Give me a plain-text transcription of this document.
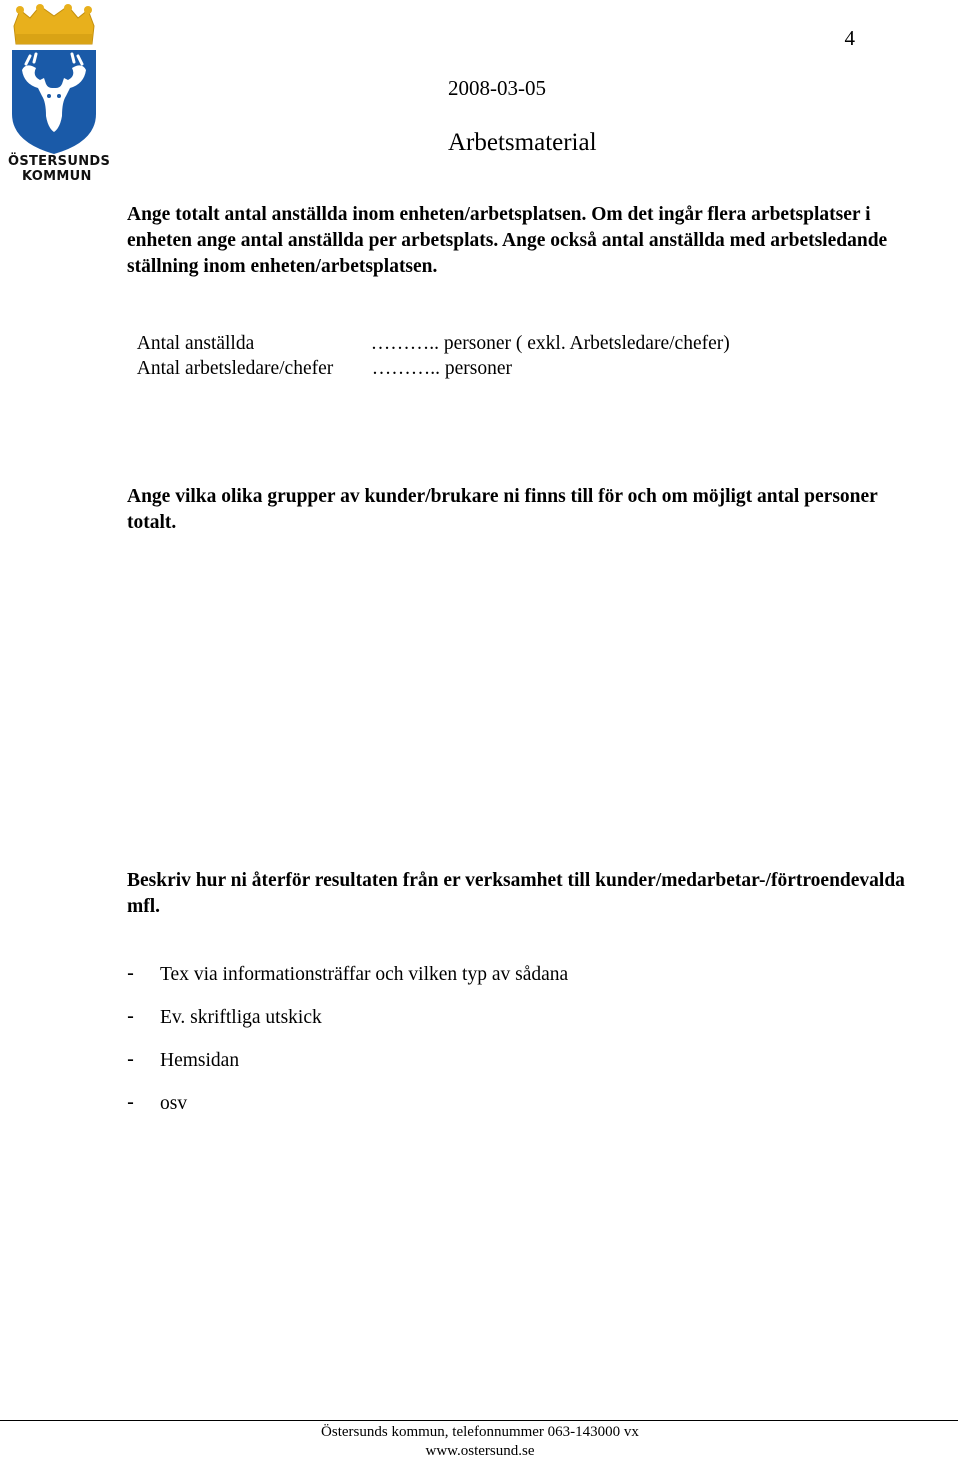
ÖSTERSUNDS
KOMMUN
4
2008-03-05
Arbetsmaterial

Ange totalt antal anställda inom enheten/arbetsplatsen. Om det ingår flera arbetsplatser i enheten ange antal anställda per arbetsplats. Ange också antal anställda med arbetsledande ställning inom enheten/arbetsplatsen.

Antal anställda	……….. personer ( exkl. Arbetsledare/chefer)

Antal arbetsledare/chefer ……….. personer

Ange vilka olika grupper av kunder/brukare ni finns till för och om möjligt antal personer totalt.

Beskriv hur ni återför resultaten från er verksamhet till kunder/medarbetar-/förtroendevalda mfl.

-	Tex via informationsträffar och vilken typ av sådana
-	Ev. skriftliga utskick
-	Hemsidan
-	osv
Östersunds kommun, telefonnummer 063-143000 vx
www.ostersund.se
